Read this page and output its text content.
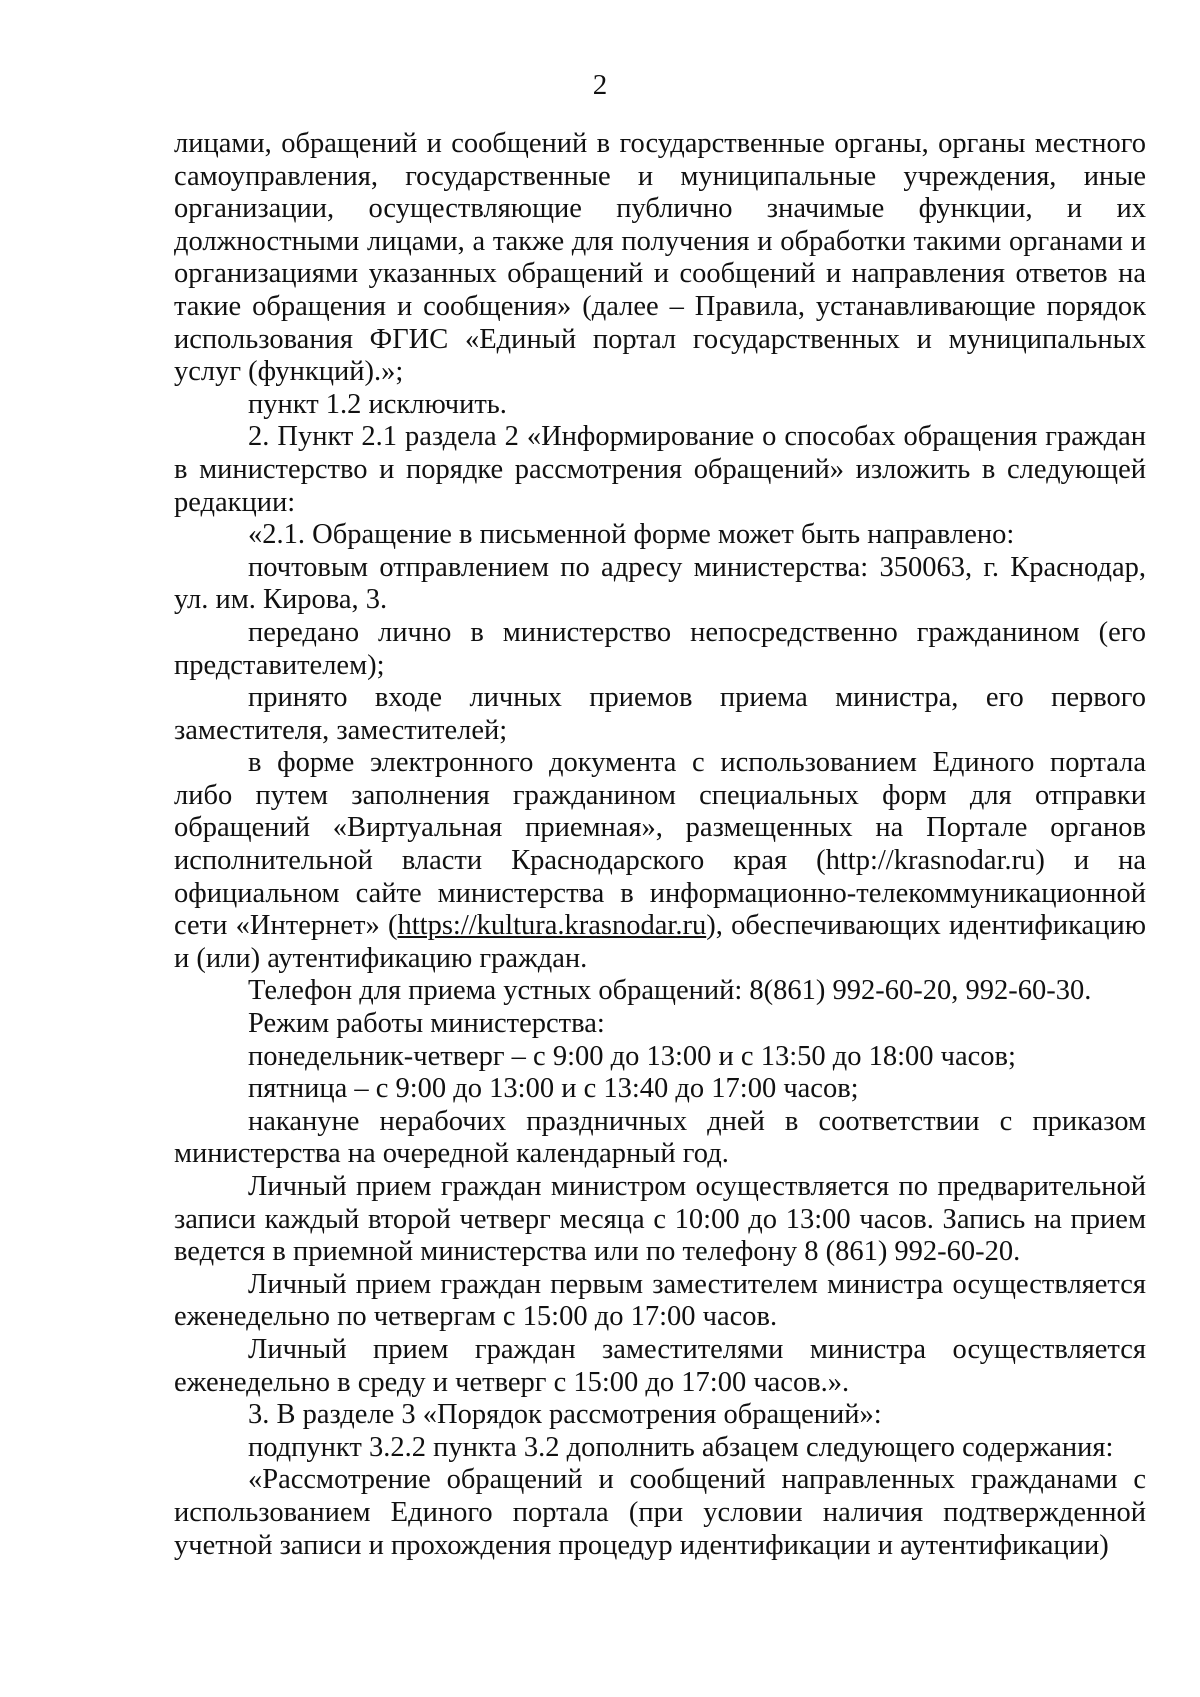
2

лицами, обращений и сообщений в государственные органы, органы местного самоуправления, государственные и муниципальные учреждения, иные организации, осуществляющие публично значимые функции, и их должностными лицами, а также для получения и обработки такими органами и организациями указанных обращений и сообщений и направления ответов на такие обращения и сообщения» (далее – Правила, устанавливающие порядок использования ФГИС «Единый портал государственных и муниципальных услуг (функций).»;

пункт 1.2 исключить.

2. Пункт 2.1 раздела 2 «Информирование о способах обращения граждан в министерство и порядке рассмотрения обращений» изложить в следующей редакции:

«2.1. Обращение в письменной форме может быть направлено:

почтовым отправлением по адресу министерства: 350063, г. Краснодар, ул. им. Кирова, 3.

передано лично в министерство непосредственно гражданином (его представителем);

принято входе личных приемов приема министра, его первого заместителя, заместителей;

в форме электронного документа с использованием Единого портала либо путем заполнения гражданином специальных форм для отправки обращений «Виртуальная приемная», размещенных на Портале органов исполнительной власти Краснодарского края (http://krasnodar.ru) и на официальном сайте министерства в информационно-телекоммуникационной сети «Интернет» (https://kultura.krasnodar.ru), обеспечивающих идентификацию и (или) аутентификацию граждан.

Телефон для приема устных обращений: 8(861) 992-60-20, 992-60-30.

Режим работы министерства:

понедельник-четверг – с 9:00 до 13:00 и с 13:50 до 18:00 часов;

пятница – с 9:00 до 13:00 и с 13:40 до 17:00 часов;

накануне нерабочих праздничных дней в соответствии с приказом министерства на очередной календарный год.

Личный прием граждан министром осуществляется по предварительной записи каждый второй четверг месяца с 10:00 до 13:00 часов. Запись на прием ведется в приемной министерства или по телефону 8 (861) 992-60-20.

Личный прием граждан первым заместителем министра осуществляется еженедельно по четвергам с 15:00 до 17:00 часов.

Личный прием граждан заместителями министра осуществляется еженедельно в среду и четверг с 15:00 до 17:00 часов.».

3. В разделе 3 «Порядок рассмотрения обращений»:

подпункт 3.2.2 пункта 3.2 дополнить абзацем следующего содержания:

«Рассмотрение обращений и сообщений направленных гражданами с использованием Единого портала (при условии наличия подтвержденной учетной записи и прохождения процедур идентификации и аутентификации)
